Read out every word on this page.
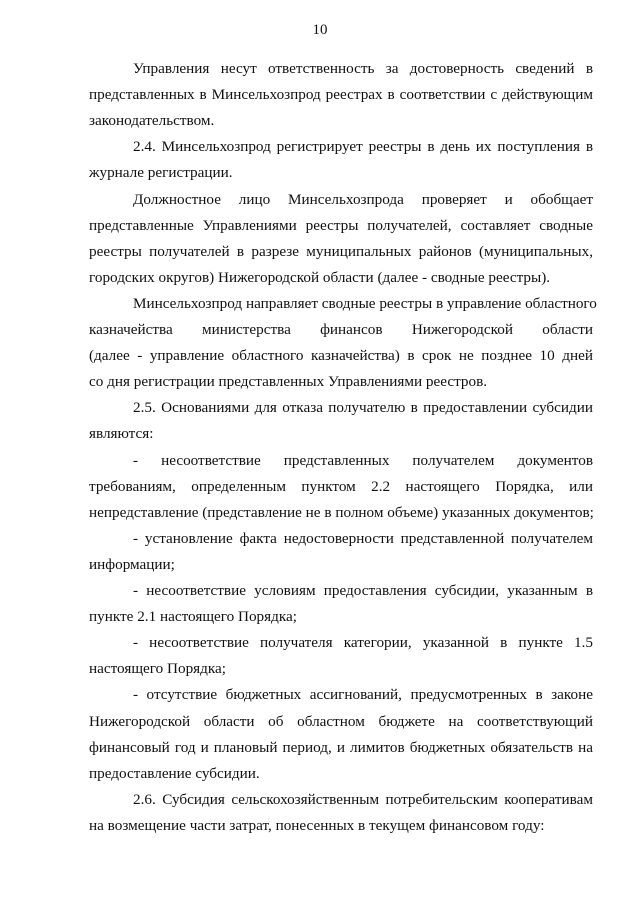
10
Управления несут ответственность за достоверность сведений в
представленных в Минсельхозпрод реестрах в соответствии с действующим
законодательством.
2.4. Минсельхозпрод регистрирует реестры в день их поступления в
журнале регистрации.
Должностное лицо Минсельхозпрода проверяет и обобщает
представленные Управлениями реестры получателей, составляет сводные
реестры получателей в разрезе муниципальных районов (муниципальных,
городских округов) Нижегородской области (далее - сводные реестры).
Минсельхозпрод направляет сводные реестры в управление областного
казначейства министерства финансов Нижегородской области
(далее - управление областного казначейства) в срок не позднее 10 дней
со дня регистрации представленных Управлениями реестров.
2.5. Основаниями для отказа получателю в предоставлении субсидии
являются:
- несоответствие представленных получателем документов
требованиям, определенным пунктом 2.2 настоящего Порядка, или
непредставление (представление не в полном объеме) указанных документов;
- установление факта недостоверности представленной получателем
информации;
- несоответствие условиям предоставления субсидии, указанным в
пункте 2.1 настоящего Порядка;
- несоответствие получателя категории, указанной в пункте 1.5
настоящего Порядка;
- отсутствие бюджетных ассигнований, предусмотренных в законе
Нижегородской области об областном бюджете на соответствующий
финансовый год и плановый период, и лимитов бюджетных обязательств на
предоставление субсидии.
2.6. Субсидия сельскохозяйственным потребительским кооперативам
на возмещение части затрат, понесенных в текущем финансовом году:
